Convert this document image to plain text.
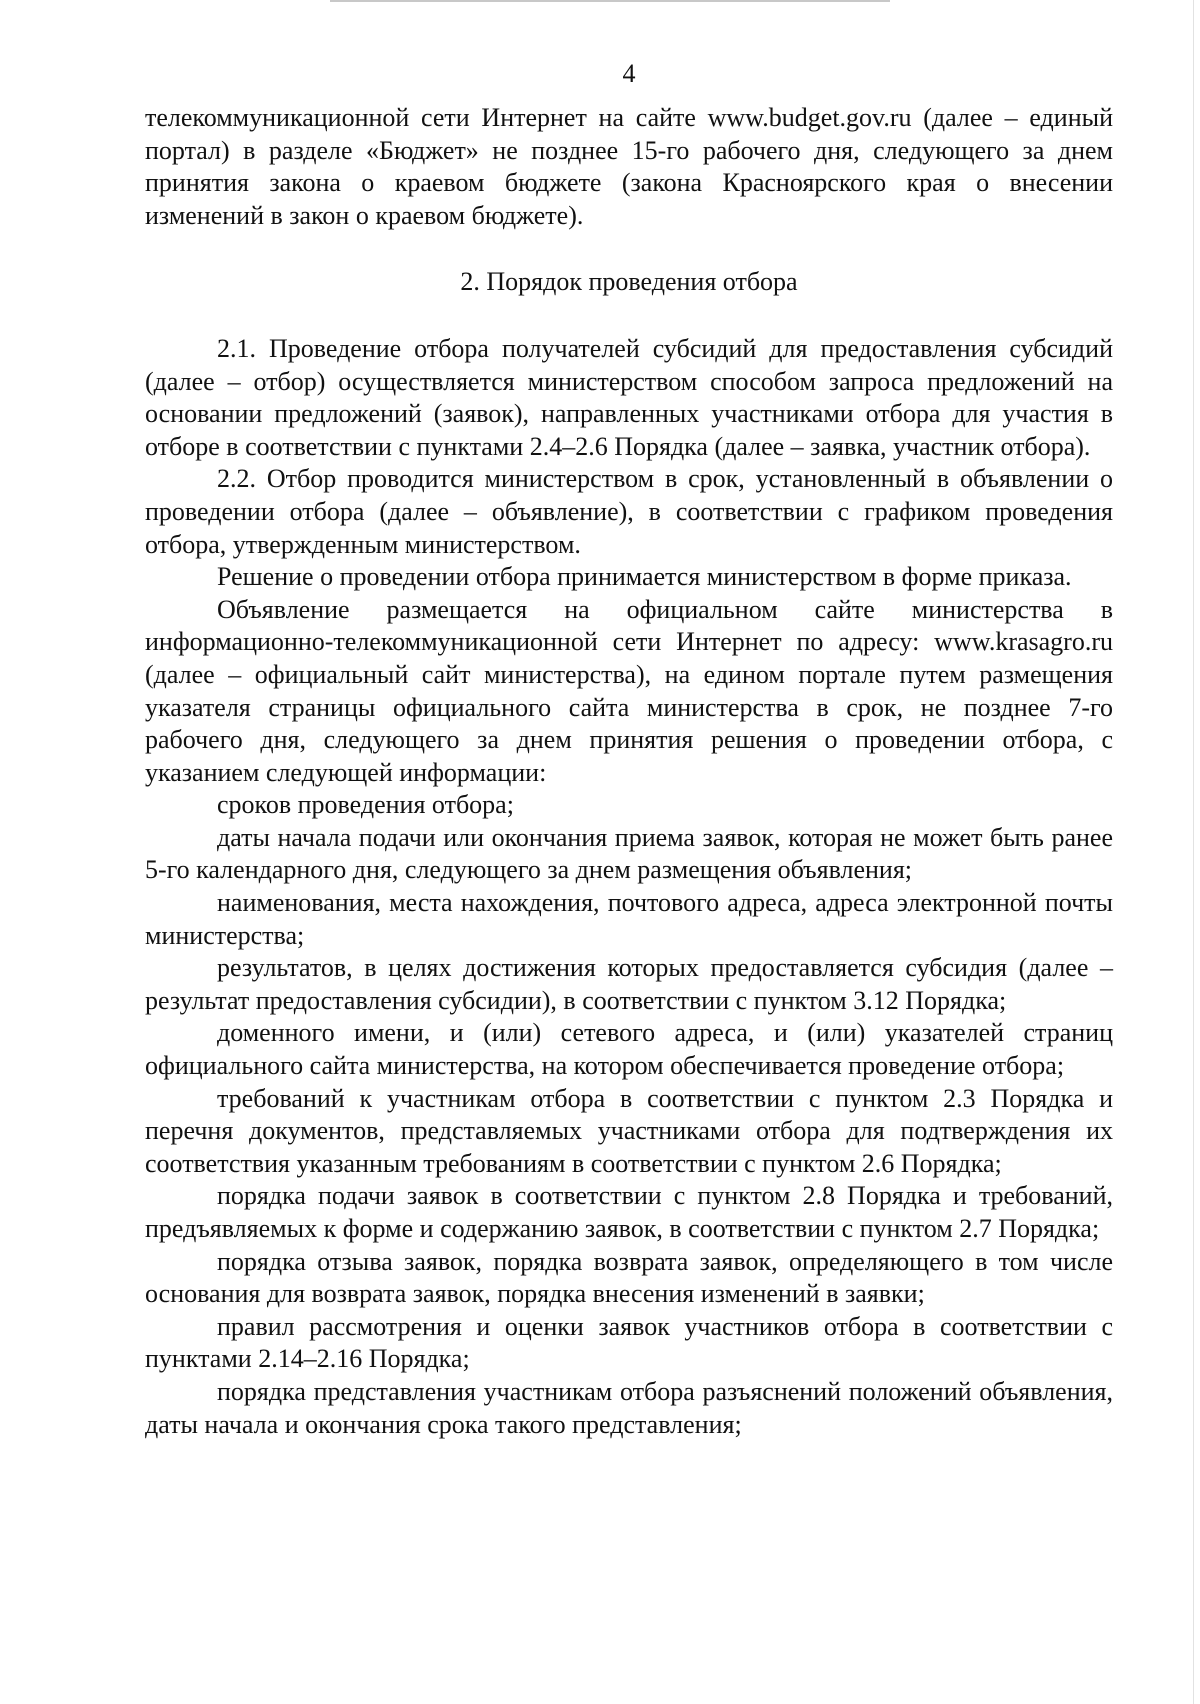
4

телекоммуникационной сети Интернет на сайте www.budget.gov.ru (далее – единый портал) в разделе «Бюджет» не позднее 15-го рабочего дня, следующего за днем принятия закона о краевом бюджете (закона Красноярского края о внесении изменений в закон о краевом бюджете).

2. Порядок проведения отбора

2.1. Проведение отбора получателей субсидий для предоставления субсидий (далее – отбор) осуществляется министерством способом запроса предложений на основании предложений (заявок), направленных участниками отбора для участия в отборе в соответствии с пунктами 2.4–2.6 Порядка (далее – заявка, участник отбора).

2.2. Отбор проводится министерством в срок, установленный в объявлении о проведении отбора (далее – объявление), в соответствии с графиком проведения отбора, утвержденным министерством.

Решение о проведении отбора принимается министерством в форме приказа.

Объявление размещается на официальном сайте министерства в информационно-телекоммуникационной сети Интернет по адресу: www.krasagro.ru (далее – официальный сайт министерства), на едином портале путем размещения указателя страницы официального сайта министерства в срок, не позднее 7-го рабочего дня, следующего за днем принятия решения о проведении отбора, с указанием следующей информации:

сроков проведения отбора;

даты начала подачи или окончания приема заявок, которая не может быть ранее 5-го календарного дня, следующего за днем размещения объявления;

наименования, места нахождения, почтового адреса, адреса электронной почты министерства;

результатов, в целях достижения которых предоставляется субсидия (далее – результат предоставления субсидии), в соответствии с пунктом 3.12 Порядка;

доменного имени, и (или) сетевого адреса, и (или) указателей страниц официального сайта министерства, на котором обеспечивается проведение отбора;

требований к участникам отбора в соответствии с пунктом 2.3 Порядка и перечня документов, представляемых участниками отбора для подтверждения их соответствия указанным требованиям в соответствии с пунктом 2.6 Порядка;

порядка подачи заявок в соответствии с пунктом 2.8 Порядка и требований, предъявляемых к форме и содержанию заявок, в соответствии с пунктом 2.7 Порядка;

порядка отзыва заявок, порядка возврата заявок, определяющего в том числе основания для возврата заявок, порядка внесения изменений в заявки;

правил рассмотрения и оценки заявок участников отбора в соответствии с пунктами 2.14–2.16 Порядка;

порядка представления участникам отбора разъяснений положений объявления, даты начала и окончания срока такого представления;
